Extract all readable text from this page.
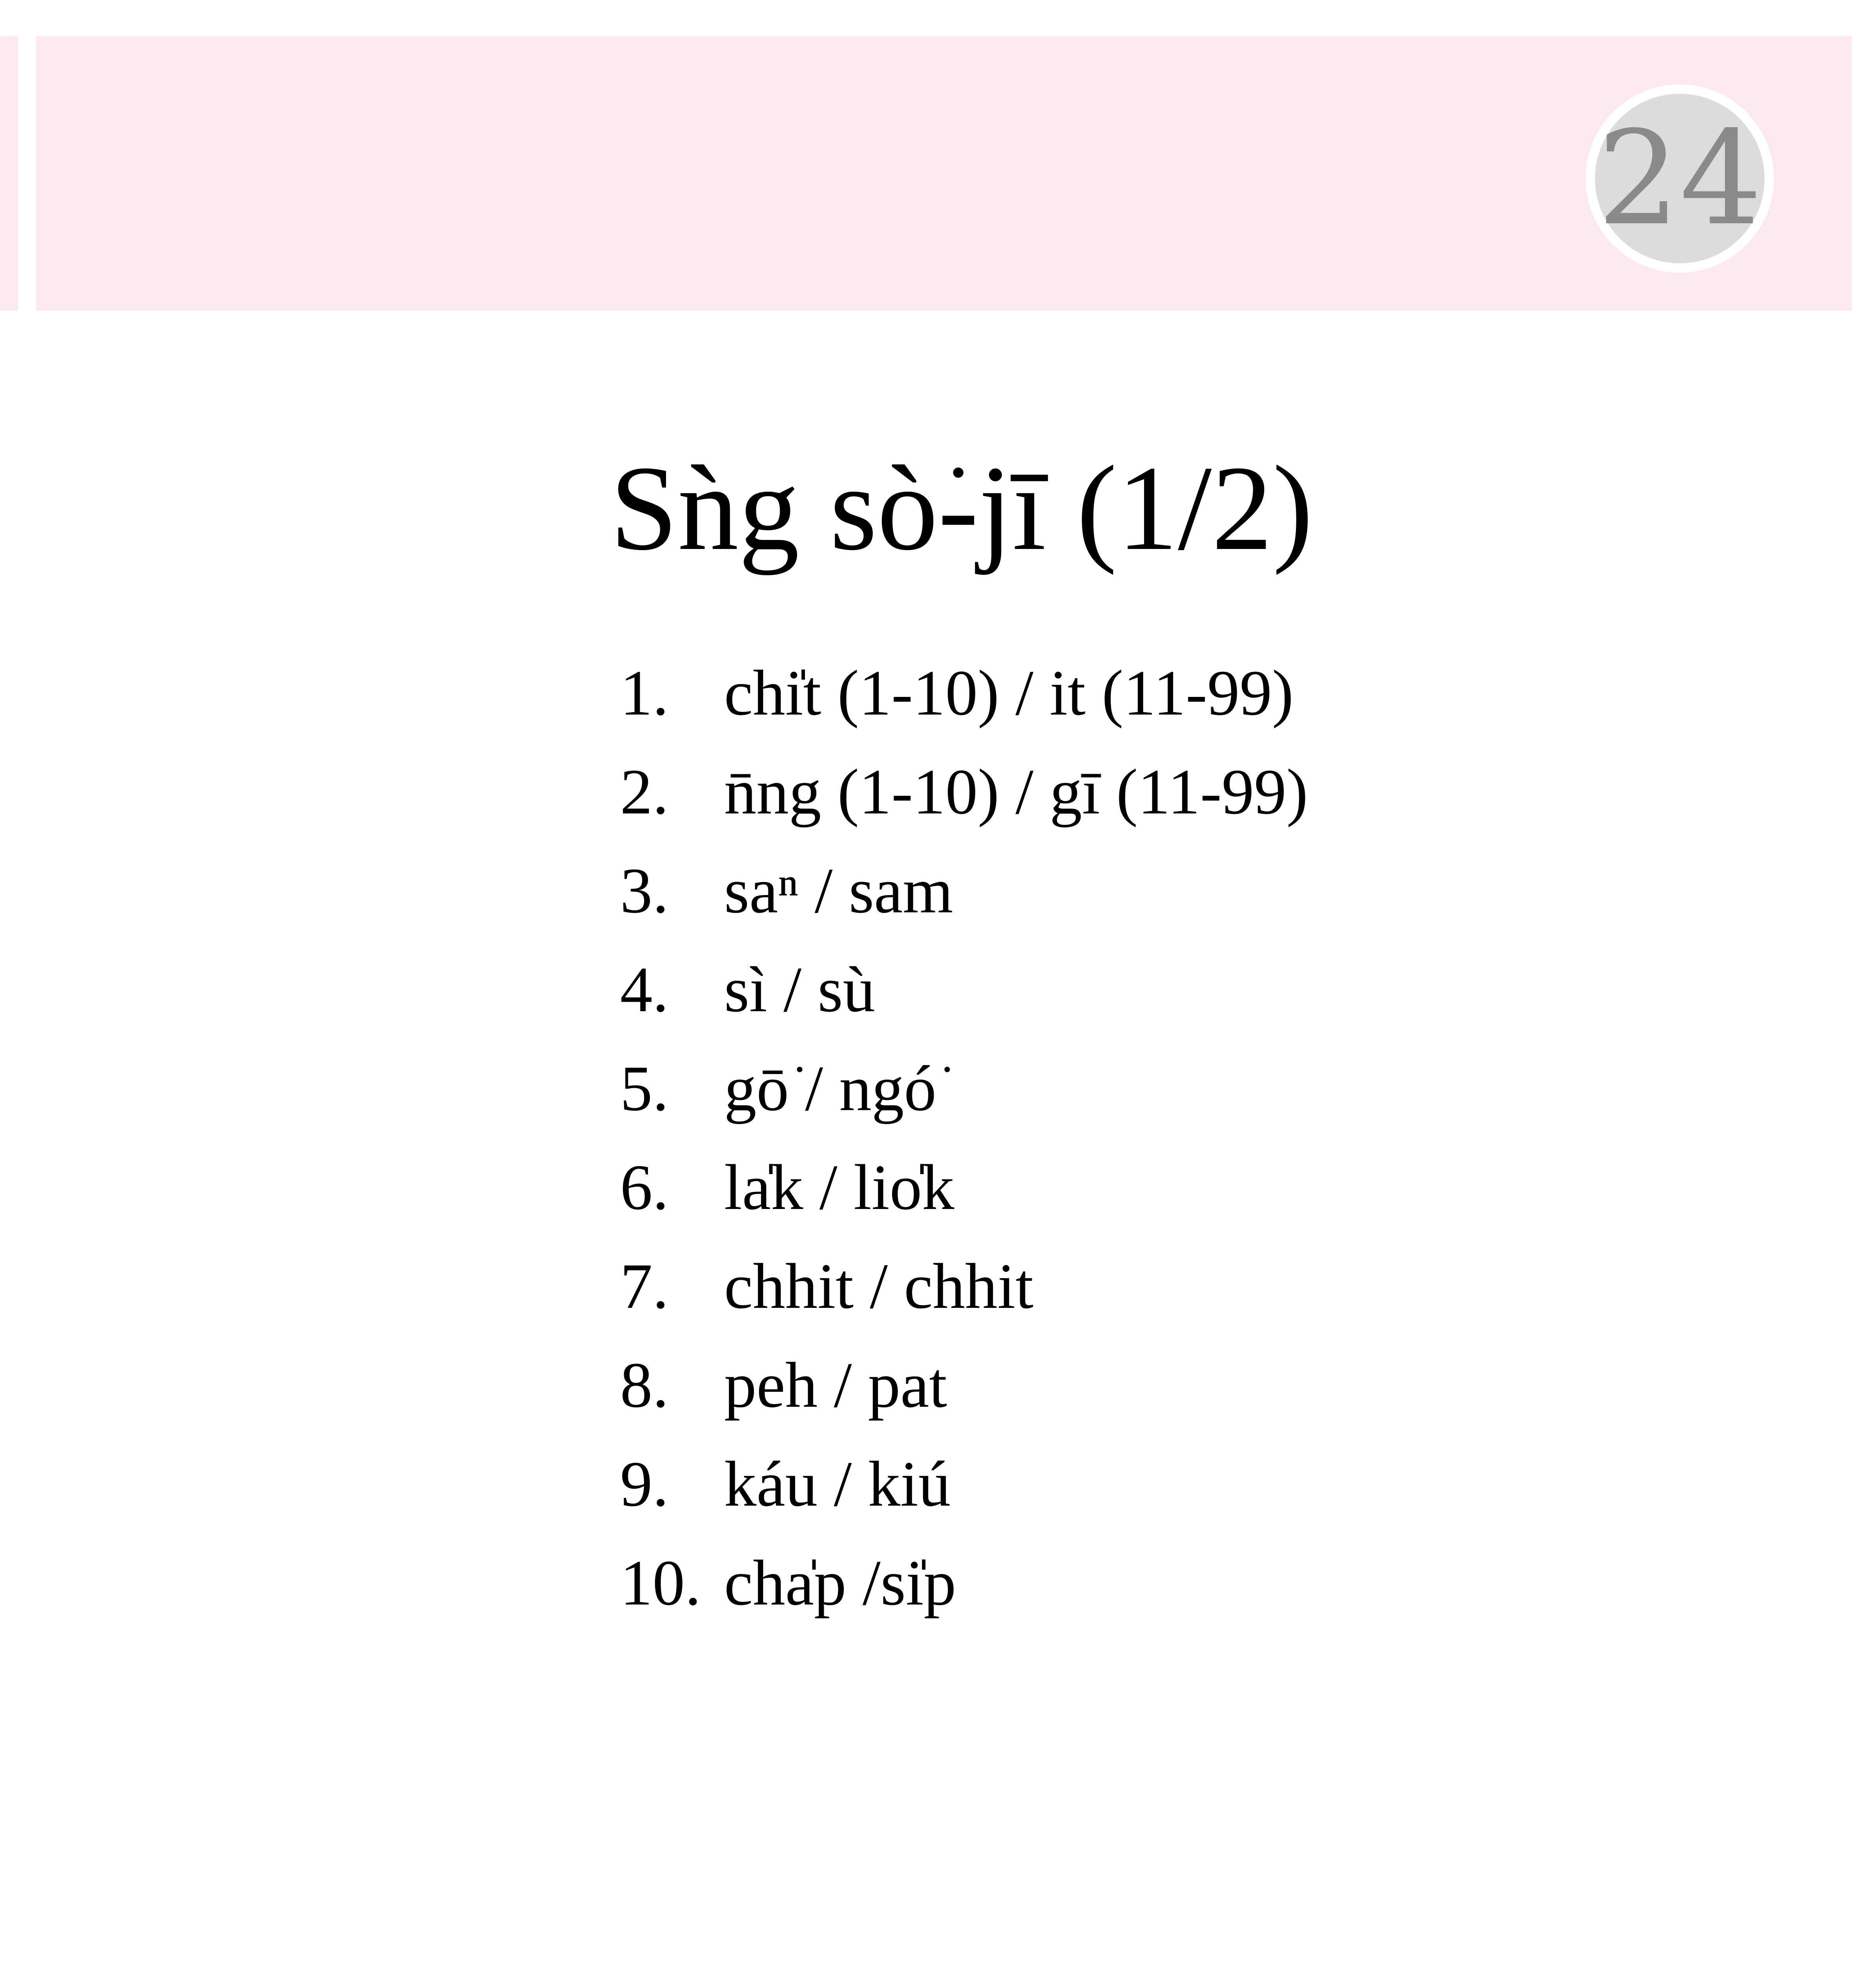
24
Sǹg sò͘-jī (1/2)
1. chi̍t (1-10) / it (11-99)
2. n̄ng (1-10) / gī (11-99)
3. saⁿ / sam
4. sì / sù
5. gō͘ / ngó͘
6. la̍k / lio̍k
7. chhit / chhit
8. peh / pat
9. káu / kiú
10. cha̍p /si̍p
